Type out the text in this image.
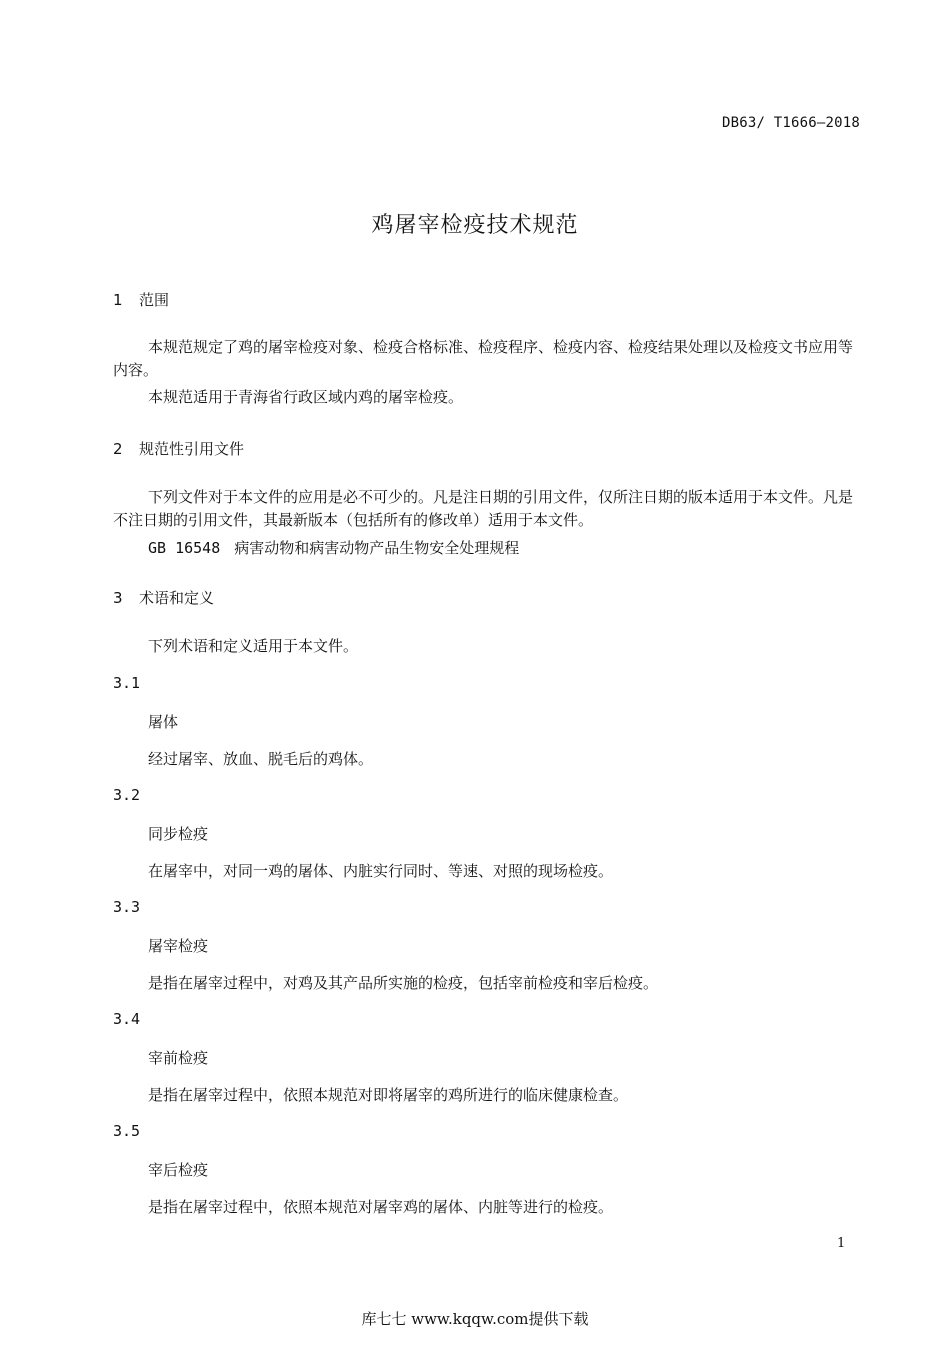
DB63/ T1666—2018
鸡屠宰检疫技术规范
1 范围
本规范规定了鸡的屠宰检疫对象、检疫合格标准、检疫程序、检疫内容、检疫结果处理以及检疫文书应用等内容。
本规范适用于青海省行政区域内鸡的屠宰检疫。
2 规范性引用文件
下列文件对于本文件的应用是必不可少的。凡是注日期的引用文件，仅所注日期的版本适用于本文件。凡是不注日期的引用文件，其最新版本（包括所有的修改单）适用于本文件。
GB 16548 病害动物和病害动物产品生物安全处理规程
3 术语和定义
下列术语和定义适用于本文件。
3.1
屠体
经过屠宰、放血、脱毛后的鸡体。
3.2
同步检疫
在屠宰中，对同一鸡的屠体、内脏实行同时、等速、对照的现场检疫。
3.3
屠宰检疫
是指在屠宰过程中，对鸡及其产品所实施的检疫，包括宰前检疫和宰后检疫。
3.4
宰前检疫
是指在屠宰过程中，依照本规范对即将屠宰的鸡所进行的临床健康检查。
3.5
宰后检疫
是指在屠宰过程中，依照本规范对屠宰鸡的屠体、内脏等进行的检疫。
1
库七七 www.kqqw.com提供下载
